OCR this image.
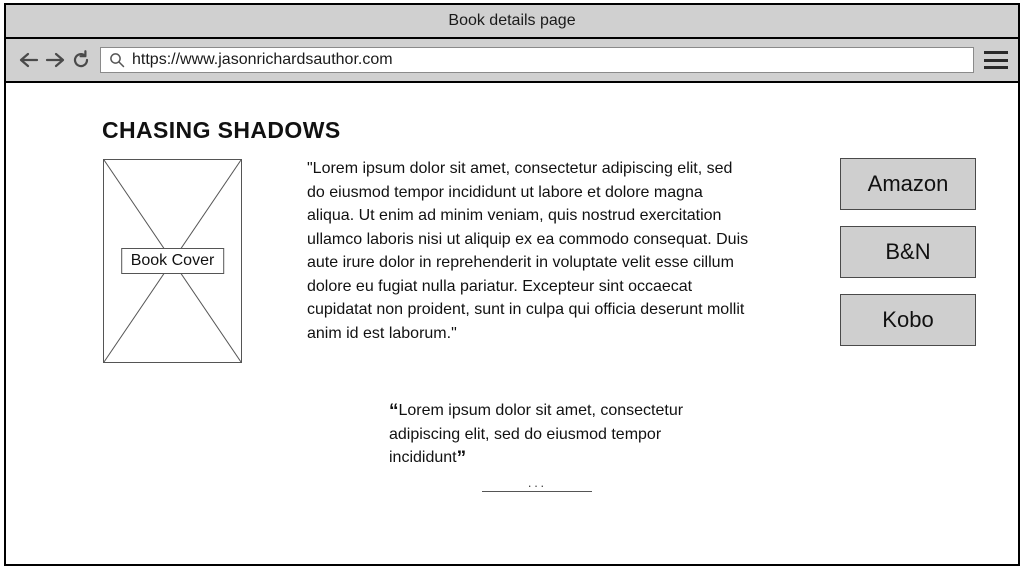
Book details page
https://www.jasonrichardsauthor.com
CHASING SHADOWS
Book Cover
"Lorem ipsum dolor sit amet, consectetur adipiscing elit, sed do eiusmod tempor incididunt ut labore et dolore magna aliqua. Ut enim ad minim veniam, quis nostrud exercitation ullamco laboris nisi ut aliquip ex ea commodo consequat. Duis aute irure dolor in reprehenderit in voluptate velit esse cillum dolore eu fugiat nulla pariatur. Excepteur sint occaecat cupidatat non proident, sunt in culpa qui officia deserunt mollit anim id est laborum."
Amazon
B&N
Kobo
“Lorem ipsum dolor sit amet, consectetur adipiscing elit, sed do eiusmod tempor incididunt”
···
